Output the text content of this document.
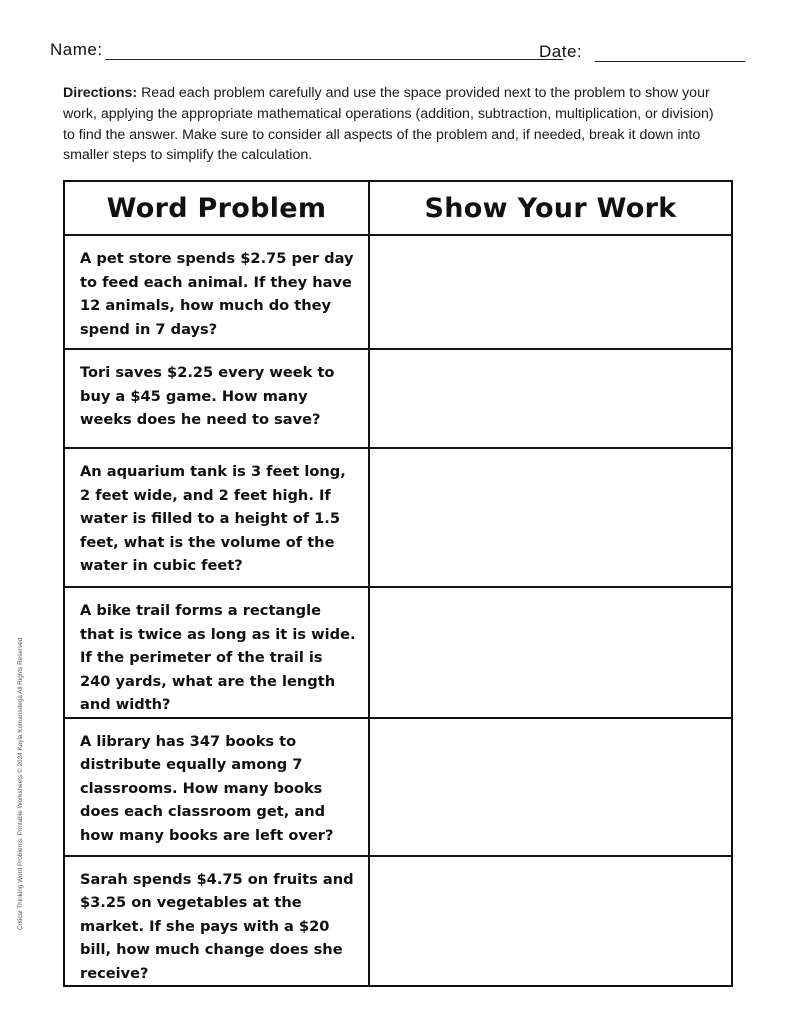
Name:	Date:

Directions: Read each problem carefully and use the space provided next to the problem to show your work, applying the appropriate mathematical operations (addition, subtraction, multiplication, or division) to find the answer. Make sure to consider all aspects of the problem and, if needed, break it down into smaller steps to simplify the calculation.

Word Problem	Show Your Work

A pet store spends $2.75 per day to feed each animal. If they have 12 animals, how much do they spend in 7 days?	

Tori saves $2.25 every week to buy a $45 game. How many weeks does he need to save?	

An aquarium tank is 3 feet long, 2 feet wide, and 2 feet high. If water is filled to a height of 1.5 feet, what is the volume of the water in cubic feet?	

A bike trail forms a rectangle that is twice as long as it is wide. If the perimeter of the trail is 240 yards, what are the length and width?	

A library has 347 books to distribute equally among 7 classrooms. How many books does each classroom get, and how many books are left over?	

Sarah spends $4.75 on fruits and $3.25 on vegetables at the market. If she pays with a $20 bill, how much change does she receive?	

Critical Thinking Word Problems: Printable Worksheets © 2024 Kayla Komarisdega All Rights Reserved
